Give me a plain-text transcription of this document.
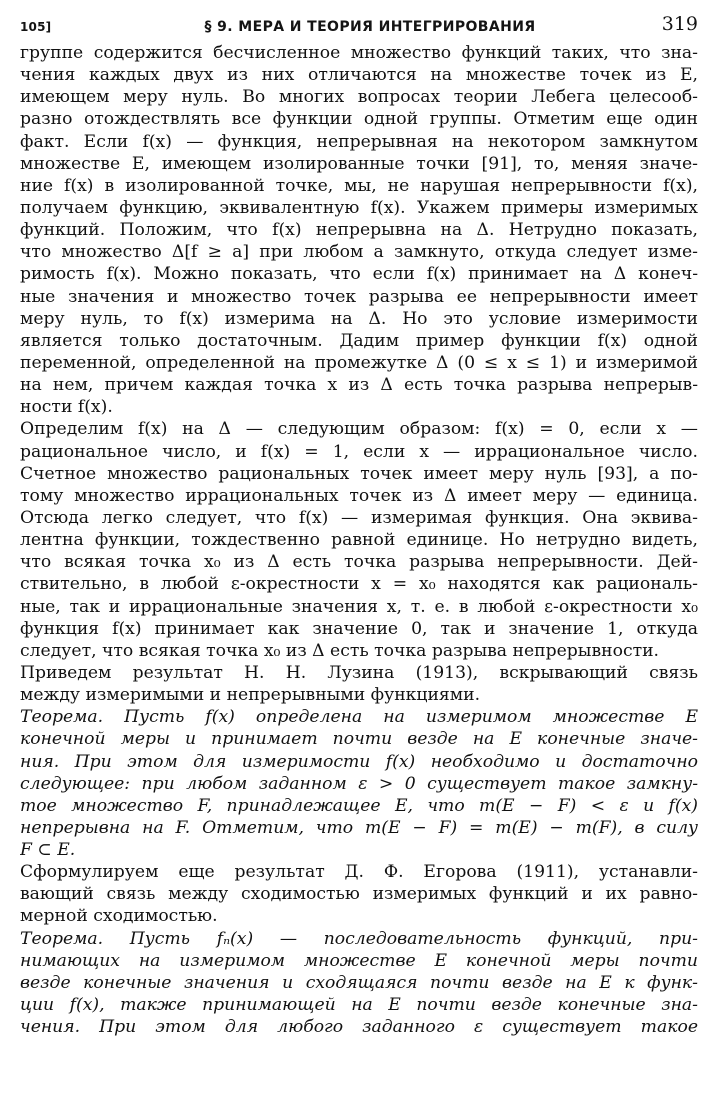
105]	§ 9. МЕРА И ТЕОРИЯ ИНТЕГРИРОВАНИЯ	319
группе содержится бесчисленное множество функций таких, что зна-
чения каждых двух из них отличаются на множестве точек из E,
имеющем меру нуль. Во многих вопросах теории Лебега целесооб-
разно отождествлять все функции одной группы. Отметим еще один
факт. Если f(x) — функция, непрерывная на некотором замкнутом
множестве E, имеющем изолированные точки [91], то, меняя значе-
ние f(x) в изолированной точке, мы, не нарушая непрерывности f(x),
получаем функцию, эквивалентную f(x). Укажем примеры измеримых
функций. Положим, что f(x) непрерывна на Δ. Нетрудно показать,
что множество Δ[f ≥ a] при любом a замкнуто, откуда следует изме-
римость f(x). Можно показать, что если f(x) принимает на Δ конеч-
ные значения и множество точек разрыва ее непрерывности имеет
меру нуль, то f(x) измерима на Δ. Но это условие измеримости
является только достаточным. Дадим пример функции f(x) одной
переменной, определенной на промежутке Δ (0 ≤ x ≤ 1) и измеримой
на нем, причем каждая точка x из Δ есть точка разрыва непрерыв-
ности f(x).
Определим f(x) на Δ — следующим образом: f(x) = 0, если x —
рациональное число, и f(x) = 1, если x — иррациональное число.
Счетное множество рациональных точек имеет меру нуль [93], а по-
тому множество иррациональных точек из Δ имеет меру — единица.
Отсюда легко следует, что f(x) — измеримая функция. Она эквива-
лентна функции, тождественно равной единице. Но нетрудно видеть,
что всякая точка x₀ из Δ есть точка разрыва непрерывности. Дей-
ствительно, в любой ε-окрестности x = x₀ находятся как рациональ-
ные, так и иррациональные значения x, т. е. в любой ε-окрестности x₀
функция f(x) принимает как значение 0, так и значение 1, откуда
следует, что всякая точка x₀ из Δ есть точка разрыва непрерывности.
Приведем результат Н. Н. Лузина (1913), вскрывающий связь
между измеримыми и непрерывными функциями.
Теорема. Пусть f(x) определена на измеримом множестве E
конечной меры и принимает почти везде на E конечные значе-
ния. При этом для измеримости f(x) необходимо и достаточно
следующее: при любом заданном ε > 0 существует такое замкну-
тое множество F, принадлежащее E, что m(E − F) < ε и f(x)
непрерывна на F. Отметим, что m(E − F) = m(E) − m(F), в силу
F ⊂ E.
Сформулируем еще результат Д. Ф. Егорова (1911), устанавли-
вающий связь между сходимостью измеримых функций и их равно-
мерной сходимостью.
Теорема. Пусть fₙ(x) — последовательность функций, при-
нимающих на измеримом множестве E конечной меры почти
везде конечные значения и сходящаяся почти везде на E к функ-
ции f(x), также принимающей на E почти везде конечные зна-
чения. При этом для любого заданного ε существует такое
